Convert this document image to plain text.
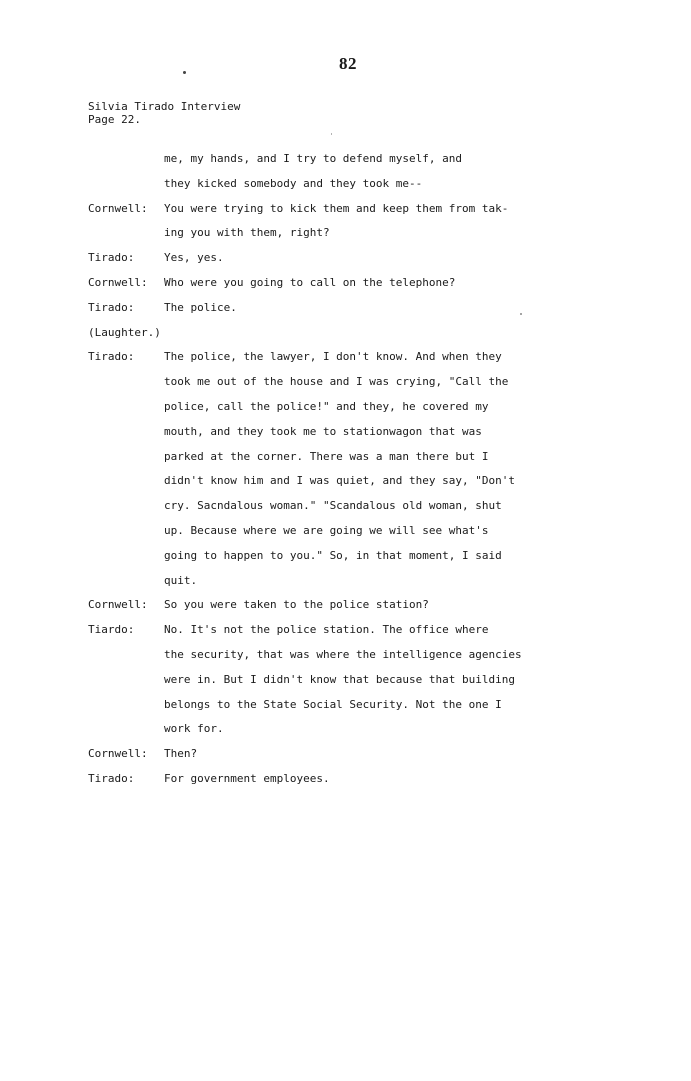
82
Silvia Tirado Interview
Page 22.
me, my hands, and I try to defend myself, and
they kicked somebody and they took me--
Cornwell: You were trying to kick them and keep them from tak-
ing you with them, right?
Tirado:	Yes, yes.
Cornwell: Who were you going to call on the telephone?
Tirado:	The police.
(Laughter.)
Tirado:	The police, the lawyer, I don't know. And when they
took me out of the house and I was crying, "Call the
police, call the police!" and they, he covered my
mouth, and they took me to stationwagon that was
parked at the corner. There was a man there but I
didn't know him and I was quiet, and they say, "Don't
cry. Sacndalous woman." "Scandalous old woman, shut
up. Because where we are going we will see what's
going to happen to you." So, in that moment, I said
quit.
Cornwell: So you were taken to the police station?
Tiardo:	No. It's not the police station. The office where
the security, that was where the intelligence agencies
were in. But I didn't know that because that building
belongs to the State Social Security. Not the one I
work for.
Cornwell: Then?
Tirado:	For government employees.
